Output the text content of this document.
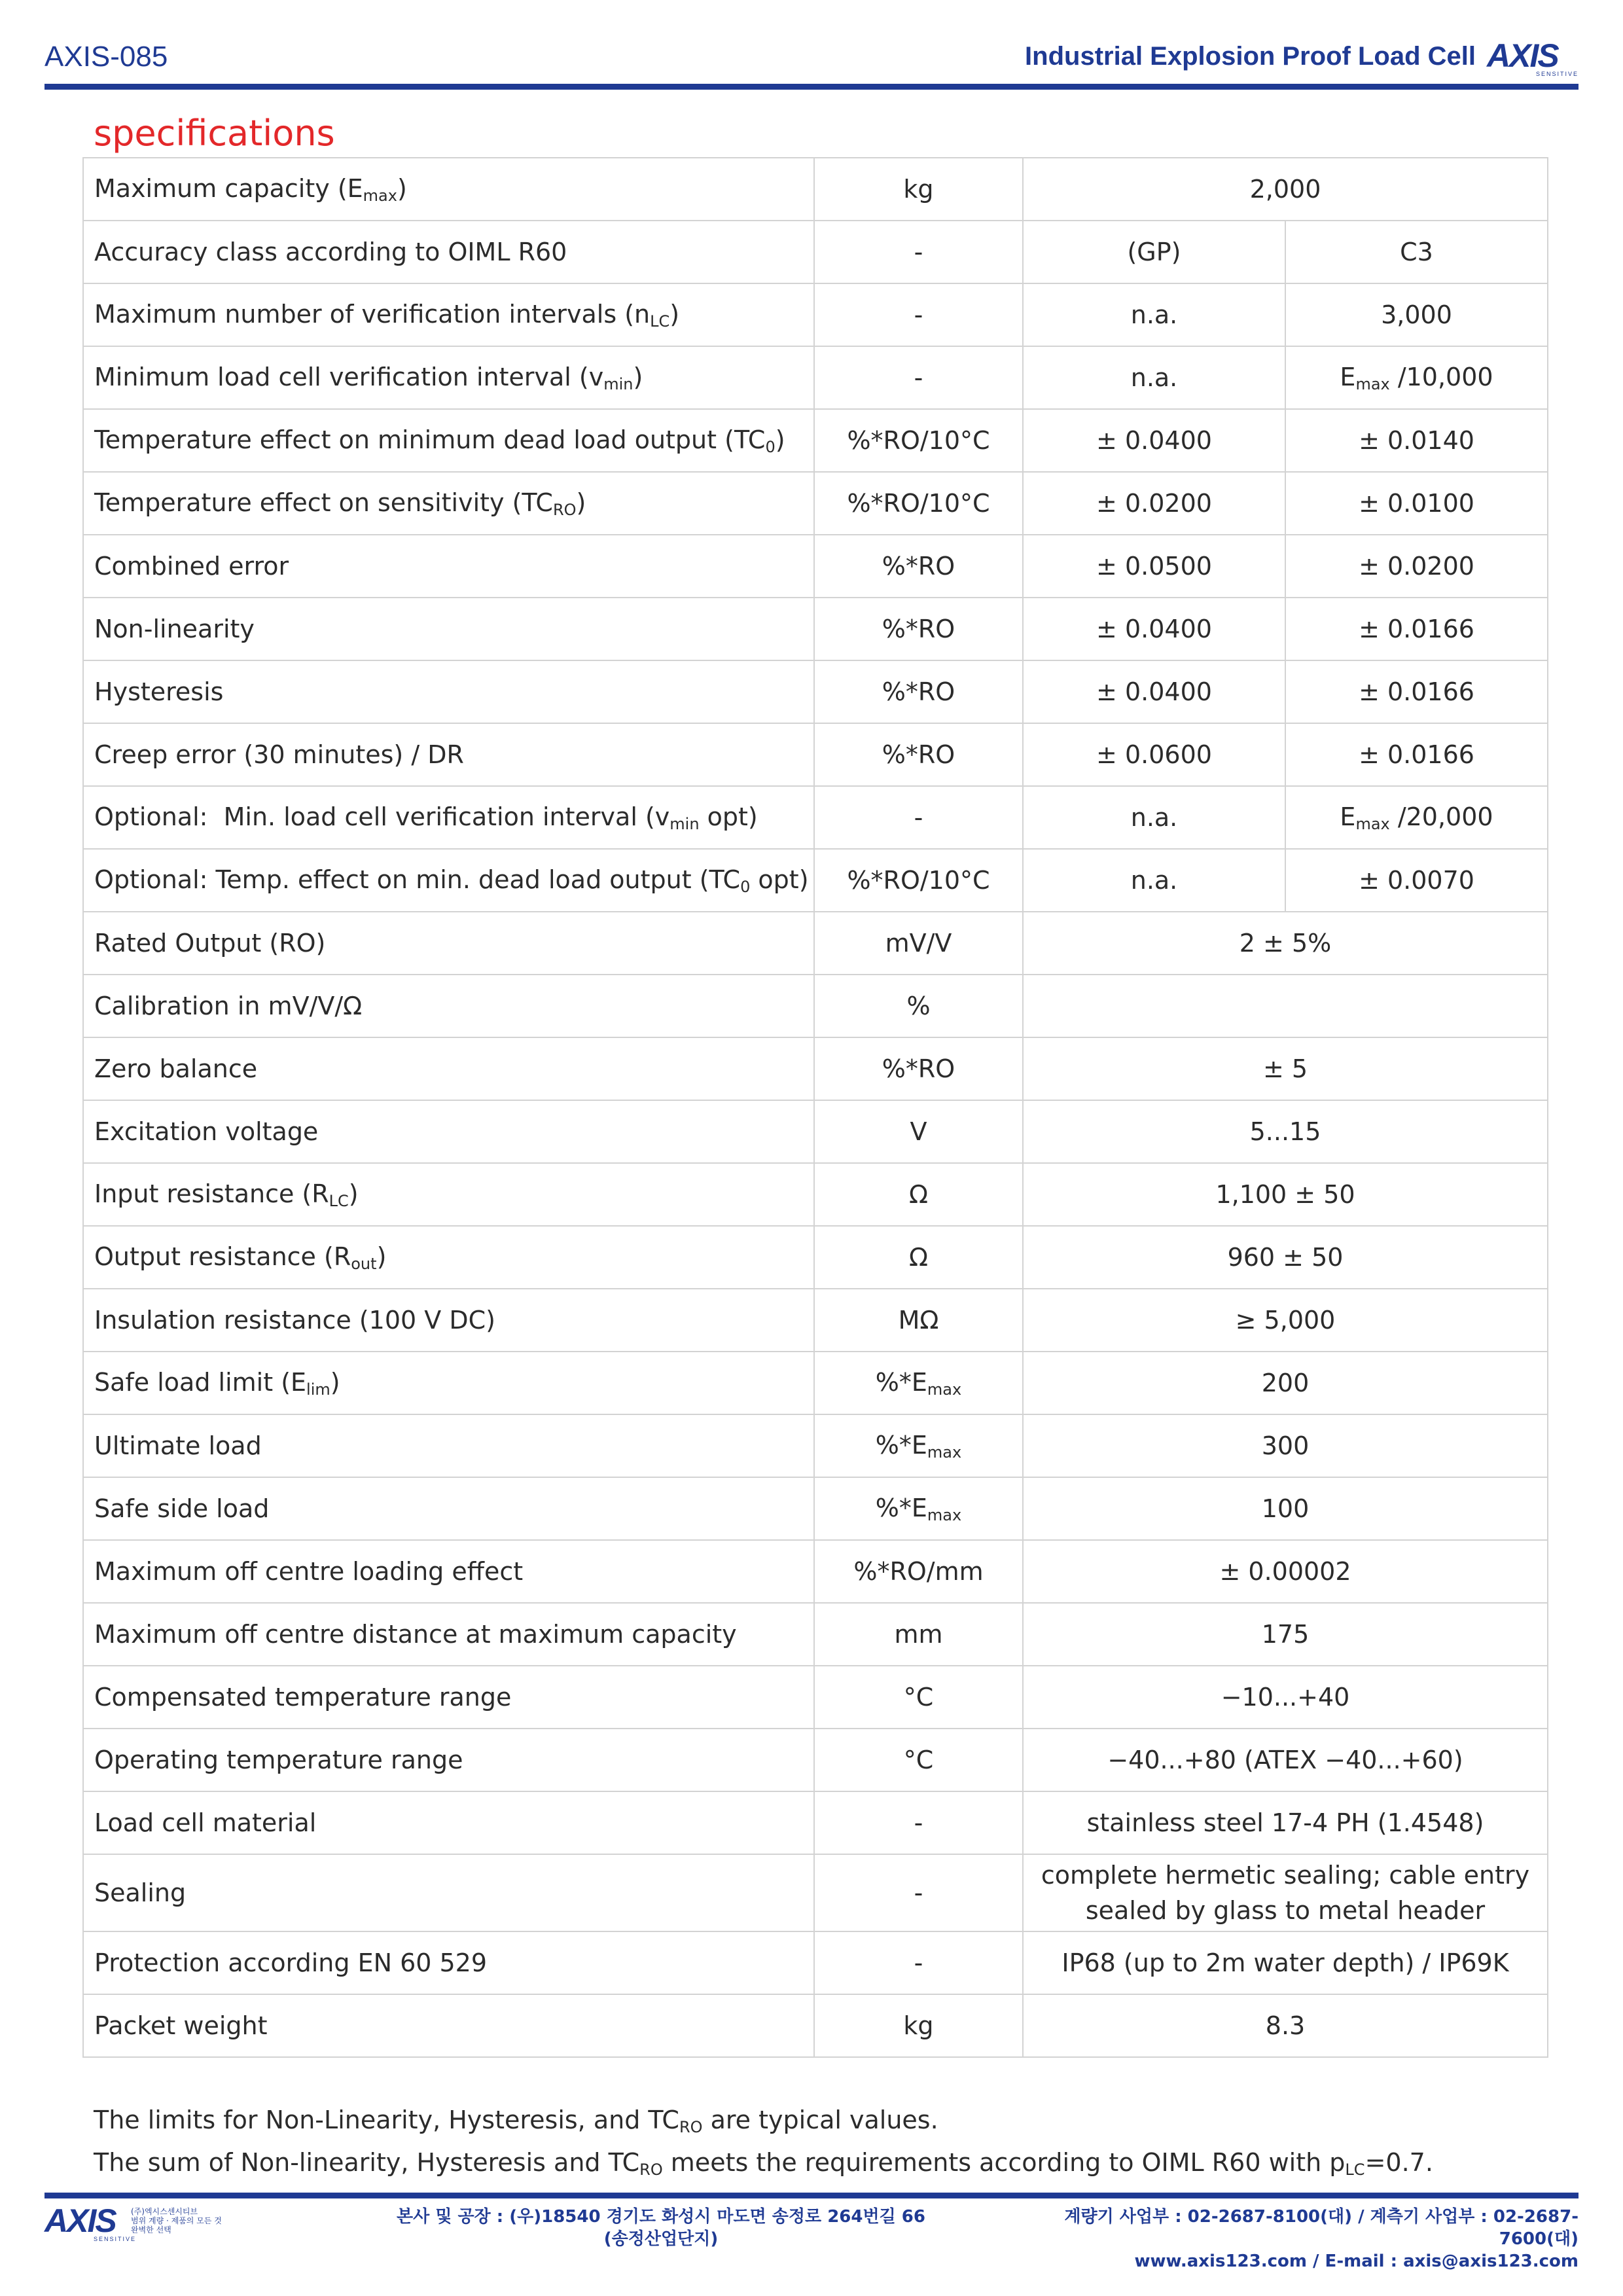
AXIS-085	Industrial Explosion Proof Load Cell AXIS
SENSITIVE
specifications
Maximum capacity $(E_{max})$	kg	2,000	
Accuracy class according to OIML R60	-	(GP)	C3
Maximum number of verification intervals $(n_{LC})$	-	n.a.	3,000
Minimum load cell verification interval $(v_{min})$	-	n.a.	$E_{max}$ /10,000
Temperature effect on minimum dead load output $(TC_0)$	%*RO/10°C	± 0.0400	± 0.0140
Temperature effect on sensitivity $(TC_{RO})$	%*RO/10°C	± 0.0200	± 0.0100
Combined error	%*RO	± 0.0500	± 0.0200
Non-linearity	%*RO	± 0.0400	± 0.0166
Hysteresis	%*RO	± 0.0400	± 0.0166
Creep error (30 minutes) / DR	%*RO	± 0.0600	± 0.0166
Optional:  Min. load cell verification interval ($v_{min}$ opt)	-	n.a.	$E_{max}$ /20,000
Optional: Temp. effect on min. dead load output ($TC_0$ opt)	%*RO/10°C	n.a.	± 0.0070
Rated Output (RO)	mV/V	2 ± 5%	
Calibration in mV/V/Ω	%		
Zero balance	%*RO	± 5	
Excitation voltage	V	5...15	
Input resistance $(R_{LC})$	Ω	1,100 ± 50	
Output resistance $(R_{out})$	Ω	960 ± 50	
Insulation resistance (100 V DC)	MΩ	≥ 5,000	
Safe load limit $(E_{lim})$	$\%*E_{max}$	200	
Ultimate load	$\%*E_{max}$	300	
Safe side load	$\%*E_{max}$	100	
Maximum off centre loading effect	%*RO/mm	± 0.00002	
Maximum off centre distance at maximum capacity	mm	175	
Compensated temperature range	°C	−10...+40	
Operating temperature range	°C	−40...+80 (ATEX −40...+60)	
Load cell material	-	stainless steel 17-4 PH (1.4548)	
Sealing	-	complete hermetic sealing; cable entry sealed by glass to metal header	
Protection according EN 60 529	-	IP68 (up to 2m water depth) / IP69K	
Packet weight	kg	8.3	
The limits for Non-Linearity, Hysteresis, and $TC_{RO}$ are typical values.
The sum of Non-linearity, Hysteresis and $TC_{RO}$ meets the requirements according to OIML R60 with $p_{LC}=0.7$.
AXIS
SENSITIVE
(주)엑시스센시티브
범위 계량 · 제품의 모든 것
완벽한 선택
본사 및 공장 : (우)18540 경기도 화성시 마도면 송정로 264번길 66
(송정산업단지)
계량기 사업부 : 02-2687-8100(대) / 계측기 사업부 : 02-2687-7600(대)
www.axis123.com / E-mail : axis@axis123.com
